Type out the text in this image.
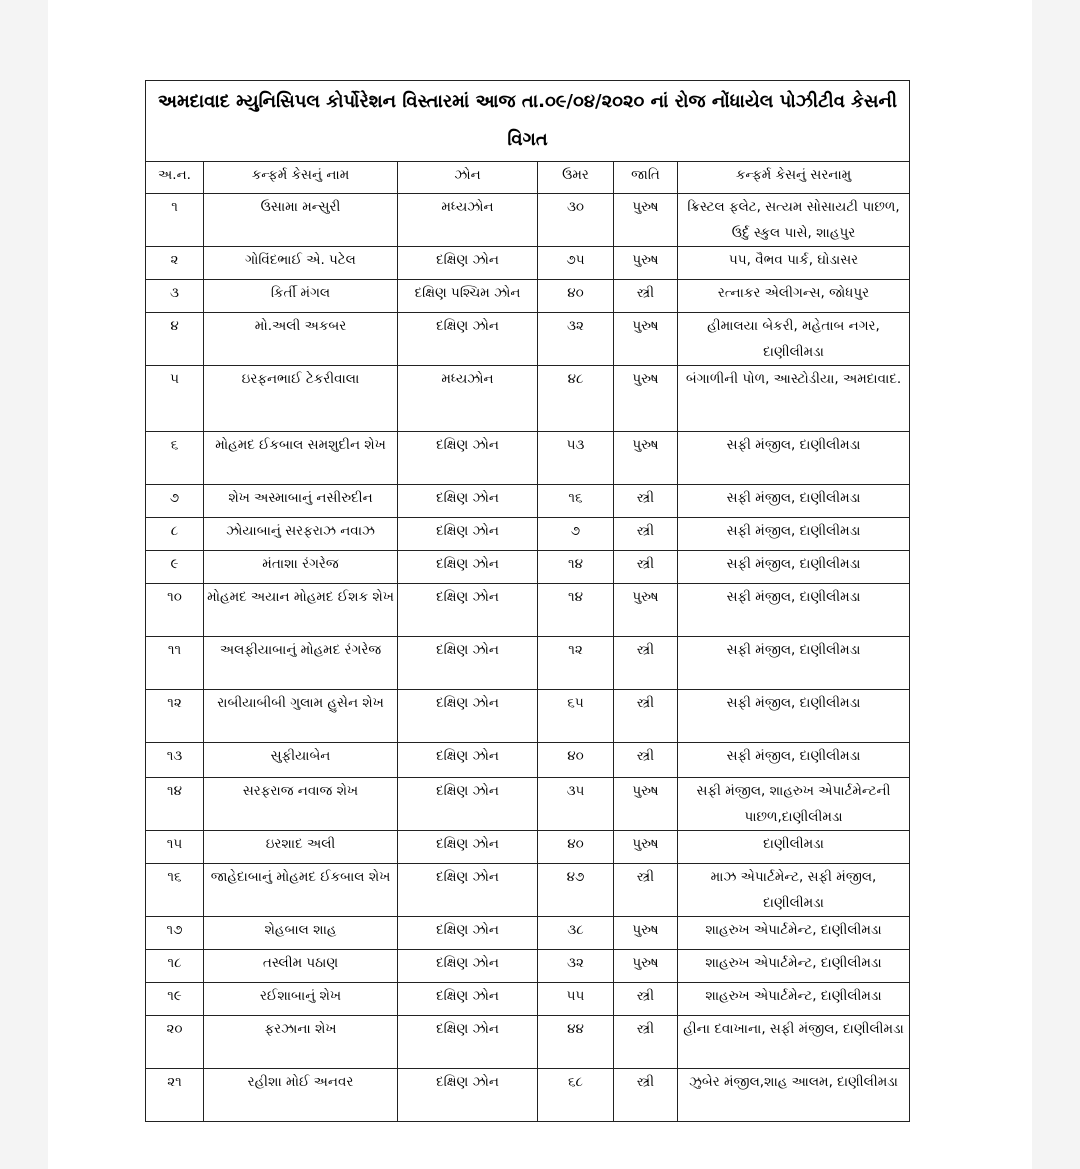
અમદાવાદ મ્યુનિસિપલ કોર્પોરેશન વિસ્તારમાં આજ તા.૦૯/૦૪/૨૦૨૦ નાં રોજ નોંધાયેલ પોઝીટીવ કેસની વિગત					
અ.ન.	કન્ફર્મ કેસનું નામ	ઝોન	ઉમર	જાતિ	કન્ફર્મ કેસનું સરનામુ
૧	ઉસામા મન્સુરી	મધ્યઝોન	૩૦	પુરુષ	ક્રિસ્ટલ ફલેટ, સત્યમ સોસાયટી પાછળ, ઉર્દુ સ્કુલ પાસે, શાહપુર
૨	ગોવિંદભાઈ એ. પટેલ	દક્ષિણ ઝોન	૭૫	પુરુષ	૫૫, વૈભવ પાર્ક, ઘોડાસર
૩	કિર્તી મંગલ	દક્ષિણ પશ્ચિમ ઝોન	૪૦	સ્ત્રી	રત્નાકર એલીગન્સ, જોધપુર
૪	મો.અલી અકબર	દક્ષિણ ઝોન	૩૨	પુરુષ	હીમાલયા બેકરી, મહેતાબ નગર, દાણીલીમડા
૫	ઇરફનભાઈ ટેકરીવાલા	મધ્યઝોન	૪૮	પુરુષ	બંગાળીની પોળ, આસ્ટોડીયા, અમદાવાદ.
૬	મોહમદ ઈકબાલ સમશુદીન શેખ	દક્ષિણ ઝોન	૫૩	પુરુષ	સફી મંજીલ, દાણીલીમડા
૭	શેખ અસ્માબાનું નસીરુદીન	દક્ષિણ ઝોન	૧૬	સ્ત્રી	સફી મંજીલ, દાણીલીમડા
૮	ઝોયાબાનું સરફરાઝ નવાઝ	દક્ષિણ ઝોન	૭	સ્ત્રી	સફી મંજીલ, દાણીલીમડા
૯	મંતાશા રંગરેજ	દક્ષિણ ઝોન	૧૪	સ્ત્રી	સફી મંજીલ, દાણીલીમડા
૧૦	મોહમદ અયાન મોહમદ ઈશક શેખ	દક્ષિણ ઝોન	૧૪	પુરુષ	સફી મંજીલ, દાણીલીમડા
૧૧	અલફીયાબાનું મોહમદ રંગરેજ	દક્ષિણ ઝોન	૧૨	સ્ત્રી	સફી મંજીલ, દાણીલીમડા
૧૨	રાબીયાબીબી ગુલામ હુસેન શેખ	દક્ષિણ ઝોન	૬૫	સ્ત્રી	સફી મંજીલ, દાણીલીમડા
૧૩	સુફીયાબેન	દક્ષિણ ઝોન	૪૦	સ્ત્રી	સફી મંજીલ, દાણીલીમડા
૧૪	સરફરાજ નવાજ શેખ	દક્ષિણ ઝોન	૩૫	પુરુષ	સફી મંજીલ, શાહરુખ એપાર્ટમેન્ટની પાછળ,દાણીલીમડા
૧૫	ઇરશાદ અલી	દક્ષિણ ઝોન	૪૦	પુરુષ	દાણીલીમડા
૧૬	જાહેદાબાનું મોહમદ ઈકબાલ શેખ	દક્ષિણ ઝોન	૪૭	સ્ત્રી	માઝ એપાર્ટમેન્ટ, સફી મંજીલ, દાણીલીમડા
૧૭	શેહબાલ શાહ	દક્ષિણ ઝોન	૩૮	પુરુષ	શાહરુખ એપાર્ટમેન્ટ, દાણીલીમડા
૧૮	તસ્લીમ પઠાણ	દક્ષિણ ઝોન	૩૨	પુરુષ	શાહરુખ એપાર્ટમેન્ટ, દાણીલીમડા
૧૯	રઈશાબાનું શેખ	દક્ષિણ ઝોન	૫૫	સ્ત્રી	શાહરુખ એપાર્ટમેન્ટ, દાણીલીમડા
૨૦	ફરઝાના શેખ	દક્ષિણ ઝોન	૪૪	સ્ત્રી	હીના દવાખાના, સફી મંજીલ, દાણીલીમડા
૨૧	રહીશા મોઈ અનવર	દક્ષિણ ઝોન	૬૮	સ્ત્રી	ઝુબેર મંજીલ,શાહ આલમ, દાણીલીમડા
